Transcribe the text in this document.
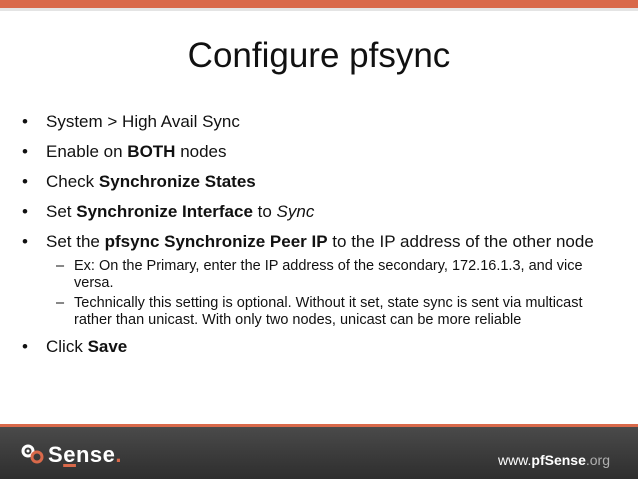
Configure pfsync
•	System > High Avail Sync
•	Enable on BOTH nodes
•	Check Synchronize States
•	Set Synchronize Interface to Sync
•	Set the pfsync Synchronize Peer IP to the IP address of the other node
– Ex: On the Primary, enter the IP address of the secondary, 172.16.1.3, and vice versa.
– Technically this setting is optional. Without it set, state sync is sent via multicast rather than unicast. With only two nodes, unicast can be more reliable
•	Click Save
Sense.	www.pfSense.org
